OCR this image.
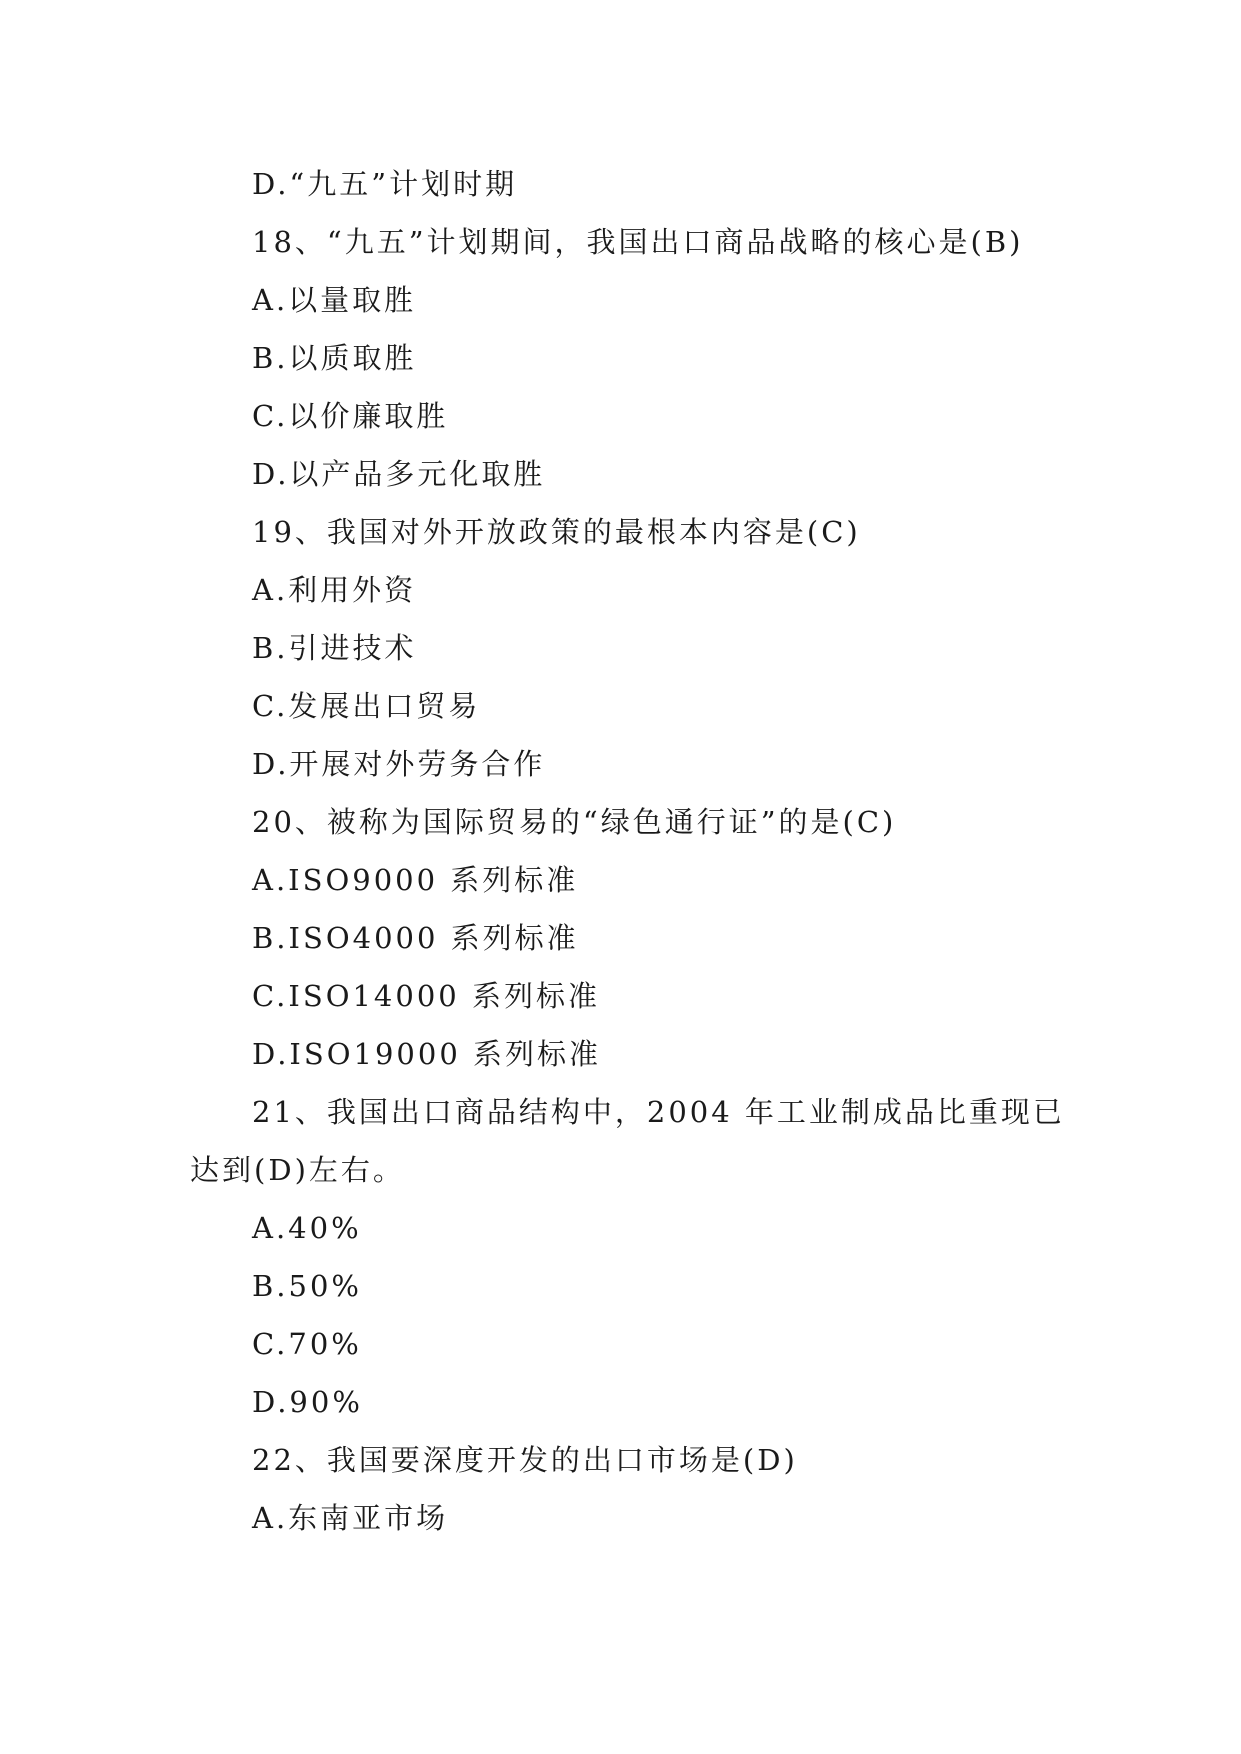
D.“九五”计划时期
18、“九五”计划期间，我国出口商品战略的核心是(B)
A.以量取胜
B.以质取胜
C.以价廉取胜
D.以产品多元化取胜
19、我国对外开放政策的最根本内容是(C)
A.利用外资
B.引进技术
C.发展出口贸易
D.开展对外劳务合作
20、被称为国际贸易的“绿色通行证”的是(C)
A.ISO9000 系列标准
B.ISO4000 系列标准
C.ISO14000 系列标准
D.ISO19000 系列标准
21、我国出口商品结构中，2004 年工业制成品比重现已
达到(D)左右。
A.40%
B.50%
C.70%
D.90%
22、我国要深度开发的出口市场是(D)
A.东南亚市场
